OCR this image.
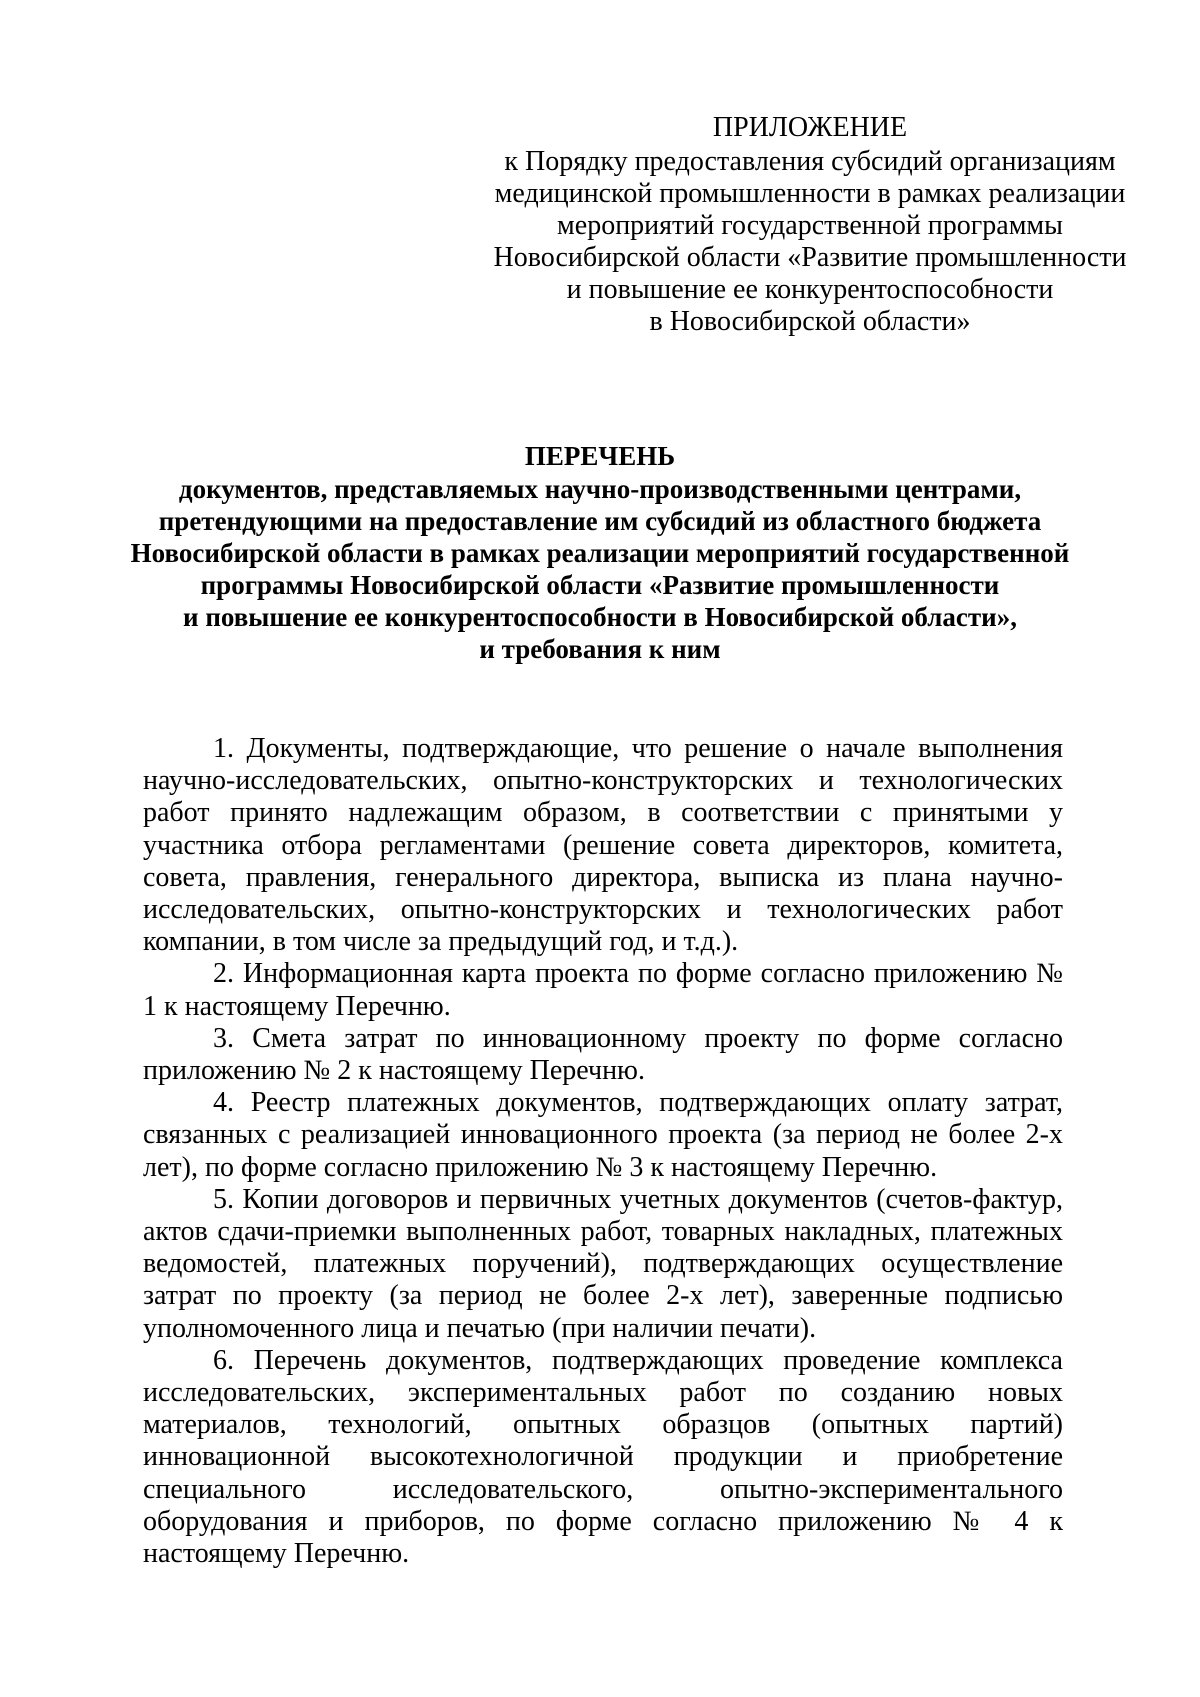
ПРИЛОЖЕНИЕ
к Порядку предоставления субсидий организациям
медицинской промышленности в рамках реализации
мероприятий государственной программы
Новосибирской области «Развитие промышленности
и повышение ее конкурентоспособности
в Новосибирской области»
ПЕРЕЧЕНЬ
документов, представляемых научно-производственными центрами,
претендующими на предоставление им субсидий из областного бюджета
Новосибирской области в рамках реализации мероприятий государственной
программы Новосибирской области «Развитие промышленности
и повышение ее конкурентоспособности в Новосибирской области»,
и требования к ним

1. Документы, подтверждающие, что решение о начале выполнения научно-исследовательских, опытно-конструкторских и технологических работ принято надлежащим образом, в соответствии с принятыми у участника отбора регламентами (решение совета директоров, комитета, совета, правления, генерального директора, выписка из плана научно-исследовательских, опытно-конструкторских и технологических работ компании, в том числе за предыдущий год, и т.д.).

2. Информационная карта проекта по форме согласно приложению № 1 к настоящему Перечню.

3. Смета затрат по инновационному проекту по форме согласно приложению № 2 к настоящему Перечню.

4. Реестр платежных документов, подтверждающих оплату затрат, связанных с реализацией инновационного проекта (за период не более 2-х лет), по форме согласно приложению № 3 к настоящему Перечню.

5. Копии договоров и первичных учетных документов (счетов-фактур, актов сдачи-приемки выполненных работ, товарных накладных, платежных ведомостей, платежных поручений), подтверждающих осуществление затрат по проекту (за период не более 2-х лет), заверенные подписью уполномоченного лица и печатью (при наличии печати).

6. Перечень документов, подтверждающих проведение комплекса исследовательских, экспериментальных работ по созданию новых материалов, технологий, опытных образцов (опытных партий) инновационной высокотехнологичной продукции и приобретение специального исследовательского, опытно-экспериментального оборудования и приборов, по форме согласно приложению № 4 к настоящему Перечню.
